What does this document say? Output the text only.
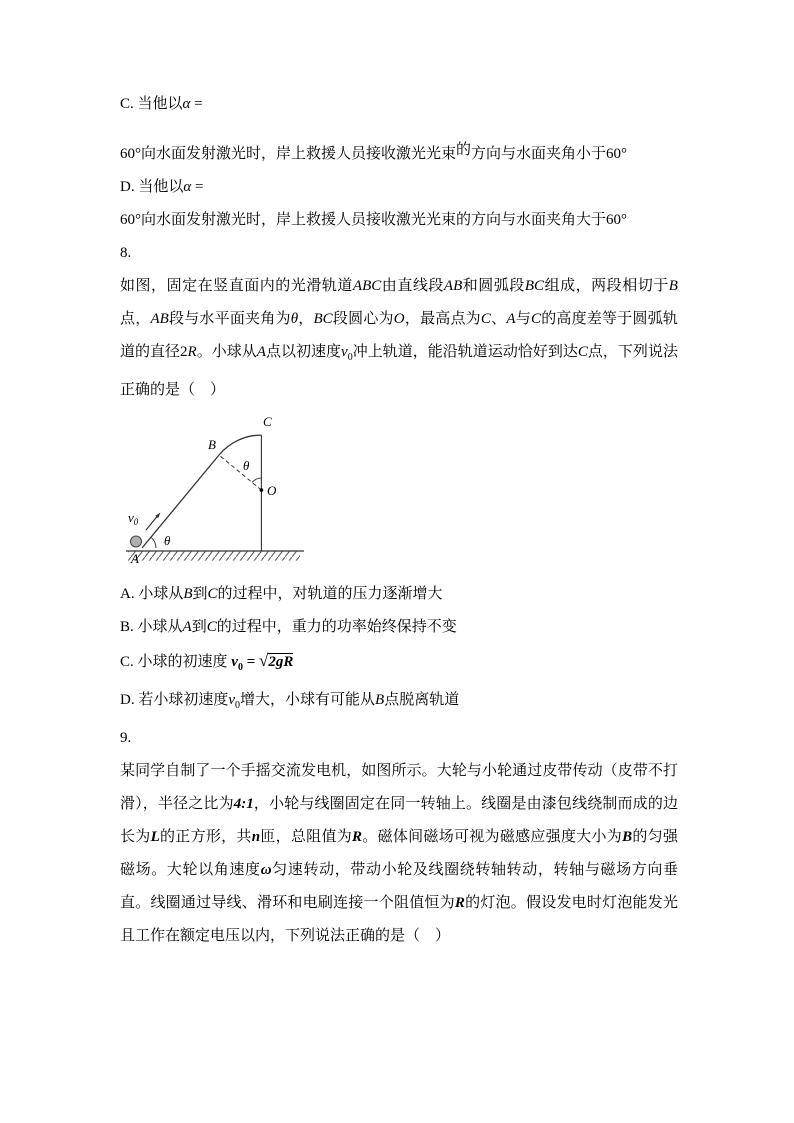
C. 当他以α =

60°向水面发射激光时，岸上救援人员接收激光光束的方向与水面夹角小于60°

D. 当他以α =

60°向水面发射激光时，岸上救援人员接收激光光束的方向与水面夹角大于60°

8.

如图，固定在竖直面内的光滑轨道ABC由直线段AB和圆弧段BC组成，两段相切于B点，AB段与水平面夹角为θ，BC段圆心为O，最高点为C、A与C的高度差等于圆弧轨道的直径2R。小球从A点以初速度$v_0$冲上轨道，能沿轨道运动恰好到达C点，下列说法正确的是（　）

B
C
O
A
θ
θ
$v_0$

A. 小球从B到C的过程中，对轨道的压力逐渐增大

B. 小球从A到C的过程中，重力的功率始终保持不变

C. 小球的初速度 $v_0 = √2gR$

D. 若小球初速度$v_0$增大，小球有可能从B点脱离轨道

9.

某同学自制了一个手摇交流发电机，如图所示。大轮与小轮通过皮带传动（皮带不打滑），半径之比为4:1，小轮与线圈固定在同一转轴上。线圈是由漆包线绕制而成的边长为L的正方形，共n匝，总阻值为R。磁体间磁场可视为磁感应强度大小为B的匀强磁场。大轮以角速度ω匀速转动，带动小轮及线圈绕转轴转动，转轴与磁场方向垂直。线圈通过导线、滑环和电刷连接一个阻值恒为R的灯泡。假设发电时灯泡能发光且工作在额定电压以内，下列说法正确的是（　）
